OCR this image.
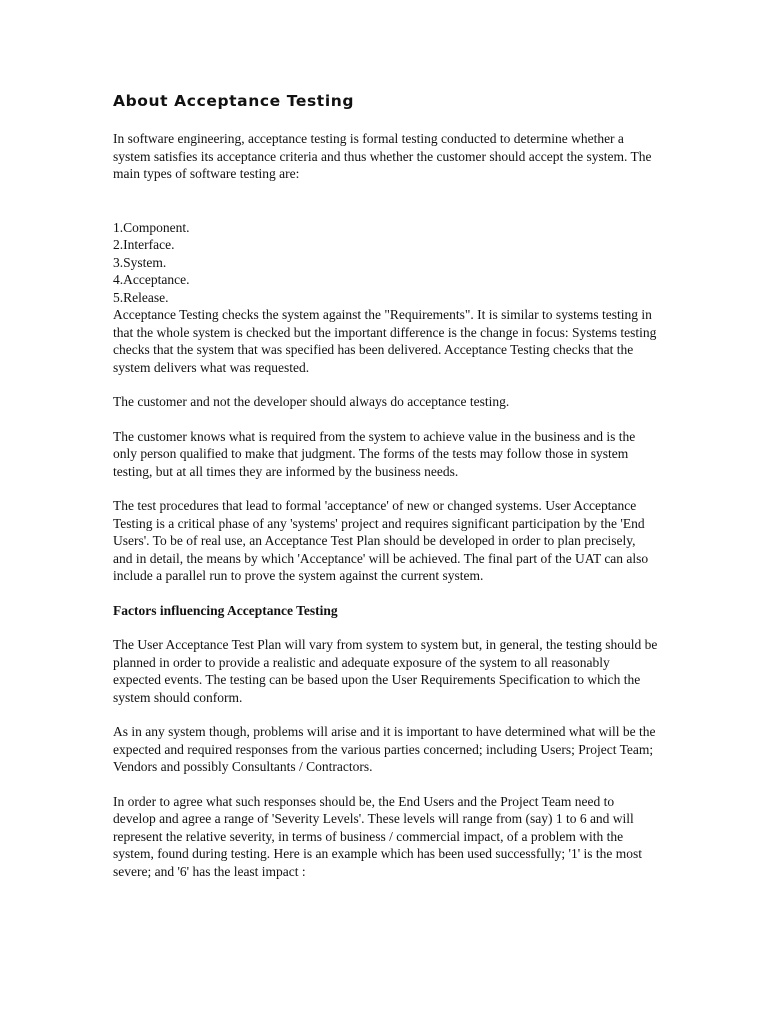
About Acceptance Testing

In software engineering, acceptance testing is formal testing conducted to determine whether a system satisfies its acceptance criteria and thus whether the customer should accept the system. The main types of software testing are:

1.Component.
2.Interface.
3.System.
4.Acceptance.
5.Release.

Acceptance Testing checks the system against the "Requirements". It is similar to systems testing in that the whole system is checked but the important difference is the change in focus: Systems testing checks that the system that was specified has been delivered. Acceptance Testing checks that the system delivers what was requested.

The customer and not the developer should always do acceptance testing.

The customer knows what is required from the system to achieve value in the business and is the only person qualified to make that judgment. The forms of the tests may follow those in system testing, but at all times they are informed by the business needs.

The test procedures that lead to formal 'acceptance' of new or changed systems. User Acceptance Testing is a critical phase of any 'systems' project and requires significant participation by the 'End Users'. To be of real use, an Acceptance Test Plan should be developed in order to plan precisely, and in detail, the means by which 'Acceptance' will be achieved. The final part of the UAT can also include a parallel run to prove the system against the current system.

Factors influencing Acceptance Testing

The User Acceptance Test Plan will vary from system to system but, in general, the testing should be planned in order to provide a realistic and adequate exposure of the system to all reasonably expected events. The testing can be based upon the User Requirements Specification to which the system should conform.

As in any system though, problems will arise and it is important to have determined what will be the expected and required responses from the various parties concerned; including Users; Project Team; Vendors and possibly Consultants / Contractors.

In order to agree what such responses should be, the End Users and the Project Team need to develop and agree a range of 'Severity Levels'. These levels will range from (say) 1 to 6 and will represent the relative severity, in terms of business / commercial impact, of a problem with the system, found during testing. Here is an example which has been used successfully; '1' is the most severe; and '6' has the least impact :
